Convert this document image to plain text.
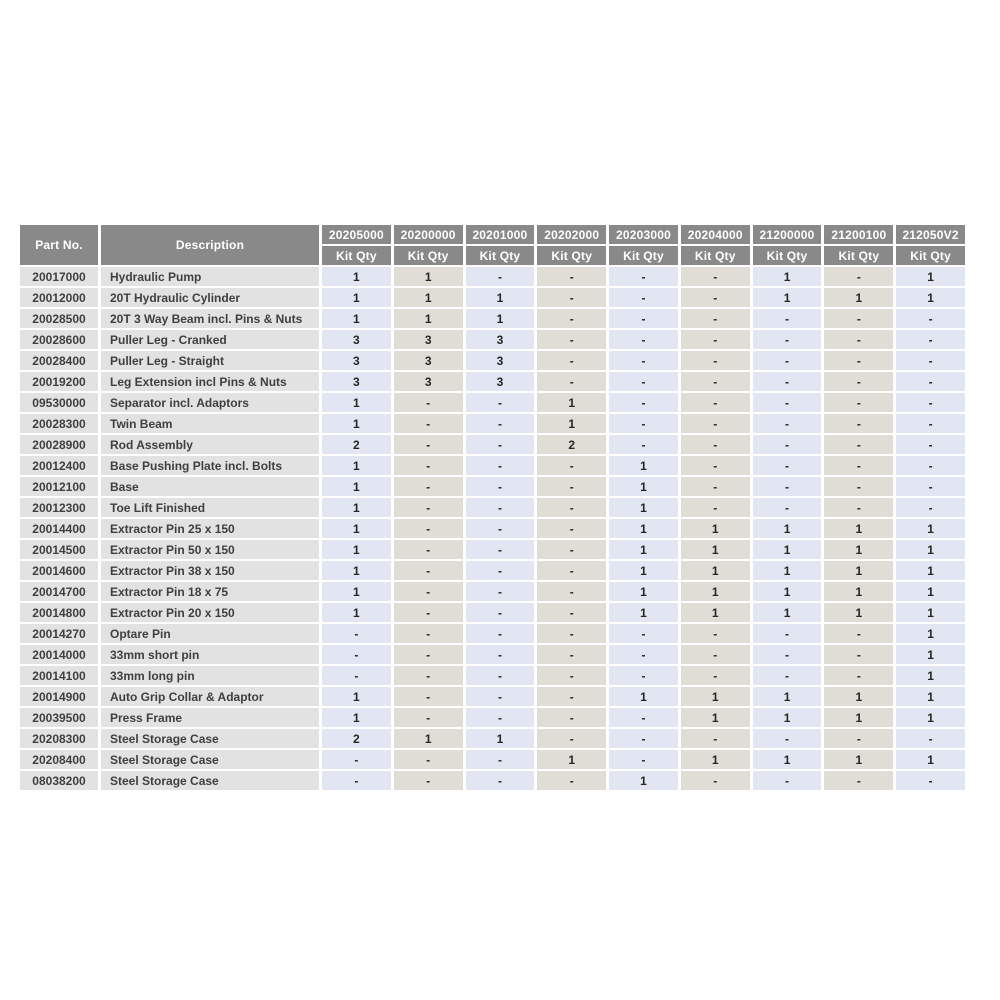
Part No.	Description
20205000	20200000	20201000	20202000	20203000	20204000	21200000	21200100	212050V2
Kit Qty	Kit Qty	Kit Qty	Kit Qty	Kit Qty	Kit Qty	Kit Qty	Kit Qty	Kit Qty
20017000	Hydraulic Pump	1	1	-	-	-	-	1	-	1
20012000	20T Hydraulic Cylinder	1	1	1	-	-	-	1	1	1
20028500	20T 3 Way Beam incl. Pins & Nuts	1	1	1	-	-	-	-	-	-
20028600	Puller Leg - Cranked	3	3	3	-	-	-	-	-	-
20028400	Puller Leg - Straight	3	3	3	-	-	-	-	-	-
20019200	Leg Extension incl Pins & Nuts	3	3	3	-	-	-	-	-	-
09530000	Separator incl. Adaptors	1	-	-	1	-	-	-	-	-
20028300	Twin Beam	1	-	-	1	-	-	-	-	-
20028900	Rod Assembly	2	-	-	2	-	-	-	-	-
20012400	Base Pushing Plate incl. Bolts	1	-	-	-	1	-	-	-	-
20012100	Base	1	-	-	-	1	-	-	-	-
20012300	Toe Lift Finished	1	-	-	-	1	-	-	-	-
20014400	Extractor Pin 25 x 150	1	-	-	-	1	1	1	1	1
20014500	Extractor Pin 50 x 150	1	-	-	-	1	1	1	1	1
20014600	Extractor Pin 38 x 150	1	-	-	-	1	1	1	1	1
20014700	Extractor Pin 18 x 75	1	-	-	-	1	1	1	1	1
20014800	Extractor Pin 20 x 150	1	-	-	-	1	1	1	1	1
20014270	Optare Pin	-	-	-	-	-	-	-	-	1
20014000	33mm short pin	-	-	-	-	-	-	-	-	1
20014100	33mm long pin	-	-	-	-	-	-	-	-	1
20014900	Auto Grip Collar & Adaptor	1	-	-	-	1	1	1	1	1
20039500	Press Frame	1	-	-	-	-	1	1	1	1
20208300	Steel Storage Case	2	1	1	-	-	-	-	-	-
20208400	Steel Storage Case	-	-	-	1	-	1	1	1	1
08038200	Steel Storage Case	-	-	-	-	1	-	-	-	-
